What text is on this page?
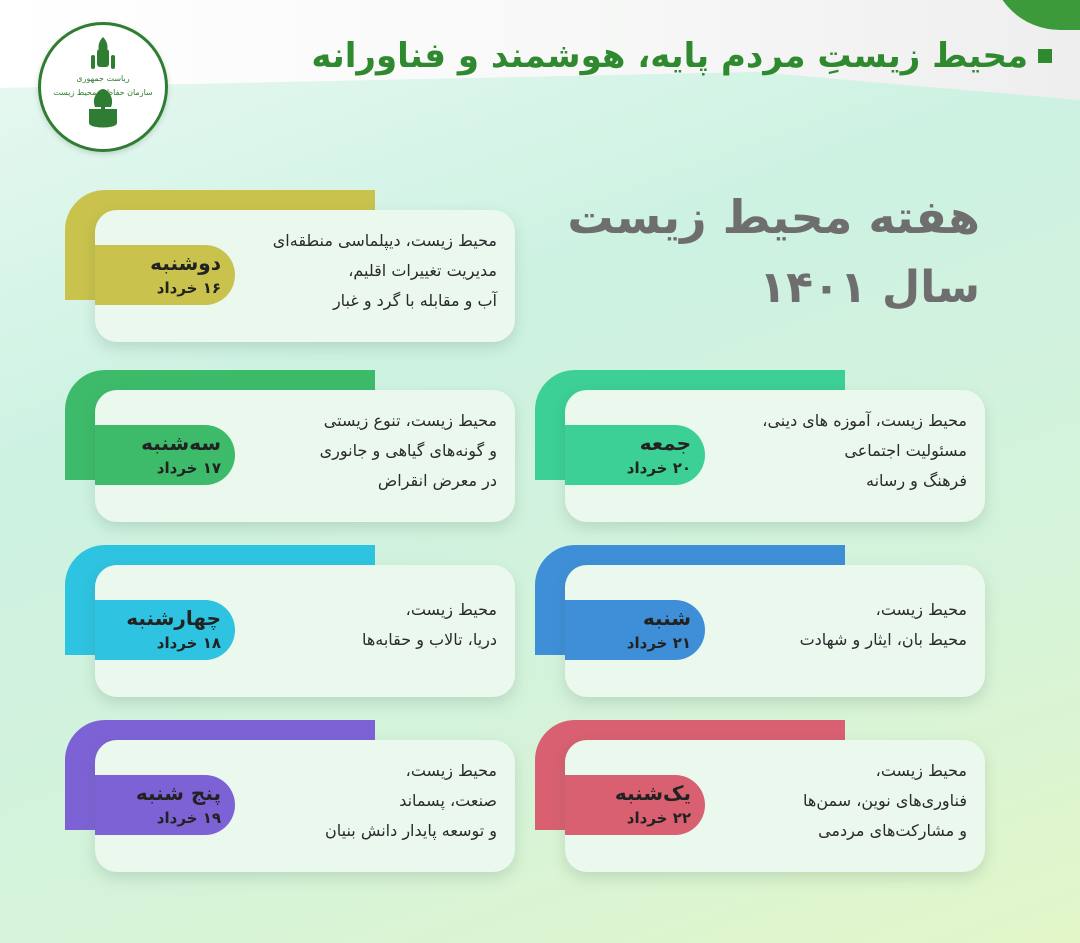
ریاست جمهوری
سازمان حفاظت محیط زیست
محیط زیستِ مردم پایه، هوشمند و فناورانه
هفته محیط زیست
سال ۱۴۰۱
دوشنبه
۱۶ خرداد
محیط زیست، دیپلماسی منطقه‌ای
مدیریت تغییرات اقلیم،
آب و مقابله با گرد و غبار
سه‌شنبه
۱۷ خرداد
محیط زیست، تنوع زیستی
و گونه‌های گیاهی و جانوری
در معرض انقراض
جمعه
۲۰ خرداد
محیط زیست، آموزه های دینی،
مسئولیت اجتماعی
فرهنگ و رسانه
چهارشنبه
۱۸ خرداد
محیط زیست،
دریا، تالاب و حقابه‌ها
شنبه
۲۱ خرداد
محیط زیست،
محیط بان، ایثار و شهادت
پنج شنبه
۱۹ خرداد
محیط زیست،
صنعت، پسماند
و توسعه پایدار دانش بنیان
یک‌شنبه
۲۲ خرداد
محیط زیست،
فناوری‌های نوین، سمن‌ها
و مشارکت‌های مردمی
